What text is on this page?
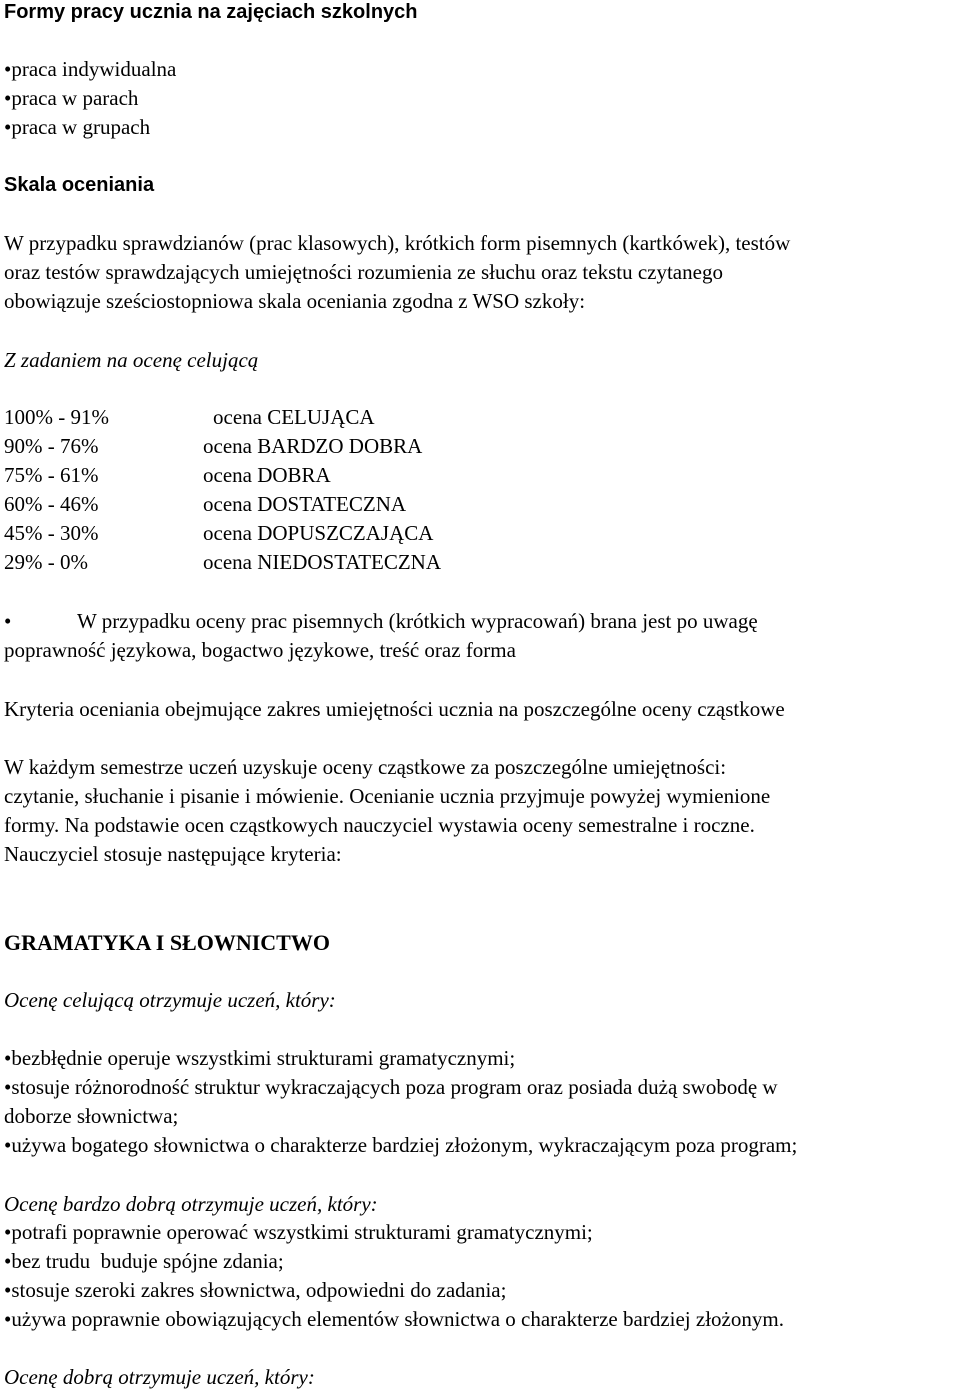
Formy pracy ucznia na zajęciach szkolnych
•praca indywidualna
•praca w parach
•praca w grupach
Skala oceniania
W przypadku sprawdzianów (prac klasowych), krótkich form pisemnych (kartkówek), testów
oraz testów sprawdzających umiejętności rozumienia ze słuchu oraz tekstu czytanego
obowiązuje sześciostopniowa skala oceniania zgodna z WSO szkoły:
Z zadaniem na ocenę celującą
100% - 91%	ocena CELUJĄCA
90% - 76%	ocena BARDZO DOBRA
75% - 61%	ocena DOBRA
60% - 46%	ocena DOSTATECZNA
45% - 30%	ocena DOPUSZCZAJĄCA
29% - 0%	ocena NIEDOSTATECZNA
•	W przypadku oceny prac pisemnych (krótkich wypracowań) brana jest po uwagę
poprawność językowa, bogactwo językowe, treść oraz forma
Kryteria oceniania obejmujące zakres umiejętności ucznia na poszczególne oceny cząstkowe
W każdym semestrze uczeń uzyskuje oceny cząstkowe za poszczególne umiejętności:
czytanie, słuchanie i pisanie i mówienie. Ocenianie ucznia przyjmuje powyżej wymienione
formy. Na podstawie ocen cząstkowych nauczyciel wystawia oceny semestralne i roczne.
Nauczyciel stosuje następujące kryteria:
GRAMATYKA I SŁOWNICTWO
Ocenę celującą otrzymuje uczeń, który:
•bezbłędnie operuje wszystkimi strukturami gramatycznymi;
•stosuje różnorodność struktur wykraczających poza program oraz posiada dużą swobodę w
doborze słownictwa;
•używa bogatego słownictwa o charakterze bardziej złożonym, wykraczającym poza program;
Ocenę bardzo dobrą otrzymuje uczeń, który:
•potrafi poprawnie operować wszystkimi strukturami gramatycznymi;
•bez trudu  buduje spójne zdania;
•stosuje szeroki zakres słownictwa, odpowiedni do zadania;
•używa poprawnie obowiązujących elementów słownictwa o charakterze bardziej złożonym.
Ocenę dobrą otrzymuje uczeń, który:
